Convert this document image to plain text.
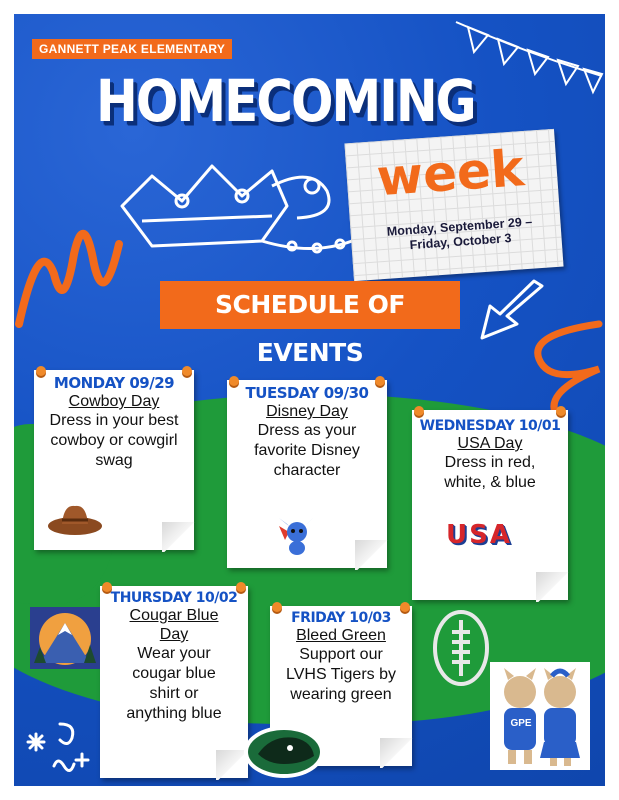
GANNETT PEAK ELEMENTARY
HOMECOMING
week
Monday, September 29 – Friday, October 3
SCHEDULE OF EVENTS
MONDAY 09/29
Cowboy Day
Dress in your best cowboy or cowgirl swag
TUESDAY 09/30
Disney Day
Dress as your favorite Disney character
WEDNESDAY 10/01
USA Day
Dress in red, white, & blue
USA
THURSDAY 10/02
Cougar Blue Day
Wear your cougar blue shirt or anything blue
FRIDAY 10/03
Bleed Green
Support our LVHS Tigers by wearing green
GPE
